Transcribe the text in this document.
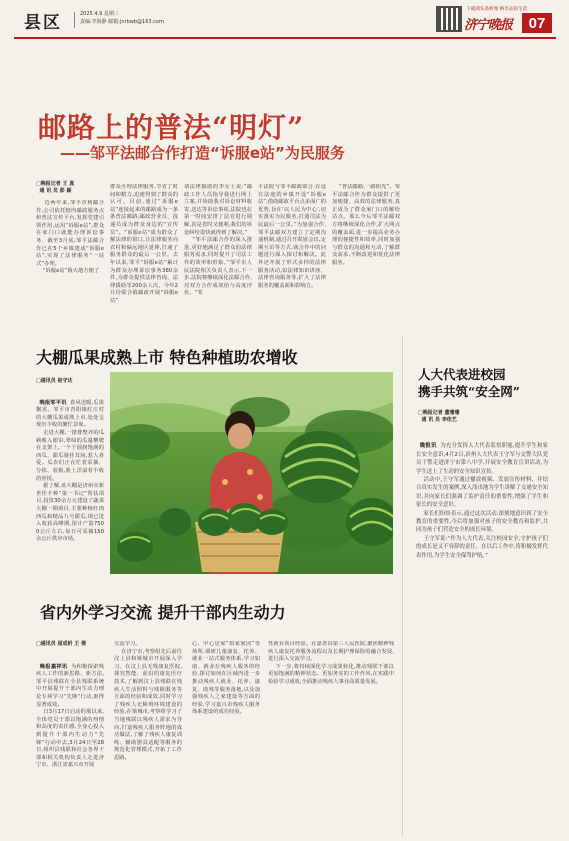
县区	2025.4.9 星期三
责编:李海静 邮箱:jnrbwb@163.com
下载湖头条新闻 畅享品质生活
济宁晚报	07
邮路上的普法“明灯”
——邹平法邮合作打造“诉服e站”为民服务
□晚报记者 王 真
通 讯 员 彭 颖
近两年来,邹平市利邮合作,公司依托辖内邮政服务点和普法宣传平台,发挥党建引领作用,运用“诉服e站”,群众在家门口就能办理诉讼事务、截至3月底,邹平法邮合作已在5个乡镇建成“诉服e站”,实现了法律服务“一站式”办理。
“诉服e站”极大地方便了
群众办理法律服务,节省了时间和精力,迅速得到了群众的认可。目前,通过“诉服e站”连接起来的邮路成为一条条普法邮路,邮政营业员、投递员成为群众身边的“宣传员”。“诉服e站”成为群众了解法律的窗口,让法律服务向农村和偏远地区延伸,打通了服务群众的最后一公里。去年以来,邹平“诉服e站”累计为群众办理诉讼事务380余件,为群众提供法律咨询、法律援助等200余人次。今年2月份联合镇邮政开展“诉服e站”
请法律援助的李女士说:“邮政工作人员指导我进行网上立案,并协助我对诉讼材料收寄,送达等诉讼事项,法院也在第一时间安排了法官进行调解,真是省时又便利,我们的诉讼纠纷很快就得到了解决。”
“邹平法邮合作的深入推进,更好地满足了群众的法律服务需求,同时提升了司法工作的效率和形象。”邹平市人民法院相关负责人表示,下一步,法院将继续深化法邮合作,对双方合作成效给与高度评价。“邹
平法院与邹平邮政联合,在设有法庭的乡镇开设“诉服e站”,借助邮政平台点多面广的优势,旨在‘以人民为中心’,切实落实为民服务,打通司法为民最后一公里。”为加强合作,邹平法邮双方建立了定期沟通机制,通过召开联席会议,定期互访等方式,就合作中的问题进行深入探讨和解决。此外还开展了形式多样的法律服务活动,如法律知识讲座、法律咨询服务等,扩大了法律服务的覆盖面和影响力。
“普法邮路,一路阳光”。邹平法邮合作为群众提供了更加便捷、高效的法律服务,真正成为了群众家门口的解纷站点。那么今后邹平法邮双方将继续深化合作,扩大网点的覆盖面,进一步提高业务办理的便捷性和效率,同时加强与群众的沟通和互动,了解群众需求,不断改进和优化法律服务。
大棚瓜果成熟上市 特色种植助农增收
□通讯员 赵守达

晚报邹平讯  春风送暖,瓜果飘香。邹平市青阳镇红庄村的大棚瓜果成熟上市,处处呈现出丰收的繁忙景象。
走进大棚,一排排整齐的瓜秧映入眼帘,翠绿的瓜蔓攀爬在支架上,一个个圆润饱满的西瓜、甜瓜悬挂其间,惹人喜爱。瓜农们正在忙着采摘、分拣、装箱,脸上洋溢着丰收的喜悦。
据了解,该大棚是济州市新世佳丰种“第一书记”帮扶项目,投资30余万元建设了蔬菜大棚一期项目,主要种植红肉西瓜和精品九号甜瓜,现已进入收获高峰期,预计产量7500公斤左右,每日可采摘150余公斤供应市场。

人大代表进校园
携手共筑“安全网”
□晚报记者 董珊珊
通 讯 员 李佳艺

晚报讯  为充分发挥人大代表监督职能,提升学生和家长安全意识,4月2日,滨州人大代表王守军与交警大队党员干警走进济宁市第八中学,开展安全教育宣讲活动,为学生送上了生动的安全知识宣传。
活动中,王守军通过播放视频、发放宣传材料、并结合真实发生的案例,深入浅出地为学生讲解了交通安全知识,并向家长们强调了监护责任的重要性,增强了学生和家长的安全意识。
家长们纷纷表示,通过这次活动,深刻地意识到了安全教育的重要性,今后将加强对孩子的安全教育和监护,共同为孩子们营造安全的成长环境。
王守军说:“作为人大代表,关注校园安全,守护孩子们的成长是义不容辞的责任。在以后工作中,将积极发挥代表作用,为学生安全保驾护航。”

省内外学习交流 提升干部内生动力
□通讯员 屈成析 王 倩

晚报嘉祥讯  为积极探索残疾人工作的新思路、新方法,邹平县残联在全县残联系统中开展提升干部内生动力理论专项学习“先锋”行动,取得显著成效。
日3月17日启动的那以来,全体党员干部以饱满的热情和高度的责任感,全身心投入到提升干部内生动力“先锋”行动中去,3月24日至28日,组织县残联和社会各界干部和相关机构负责人走进济宁市、浙江省嘉兴市开展

交流学习。
在济宁市,考察组先后前往汶上县和梁城市开展深入学习。在汶上县无残康复医院,探究智能、前沿的康复医疗技术,了解到汶上县残联在残疾人生活照料与残障服务等方面的经验和成效,同时学习了残疾人无障碍环境建设的经验,在梁城市,考察组学习了当地残联以残疾人需求为导向,打造残疾人服务阵地的成功做法,了解了残疾人康复训练、辅助器具适配等服务的规范化管理模式,开拓了工作思路。
心、中心居家“如家家园”等场所,调研儿童康复、托养、就业一站式服务体系,学习如康、就业在残疾人服务的经验,探讨如何在区域内进一步推动残疾人就业、托养、康复、助残等服务落地,以及加强残疾人之家建设等方面的经验,学习嘉兴市残疾人服务体系建设的成功经验。
性就业项目经验。在嘉善县第三人民医院,聚焦精神残疾人康复托养服务流程以及长期护理保险的融合发展,进行深入交流学习。
下一步,将持续深化学习成果转化,推动残联干部以更加饱满的精神状态、更加务实的工作作风,在实践中检验学习成效,全面推动残疾人事业高质量发展。
